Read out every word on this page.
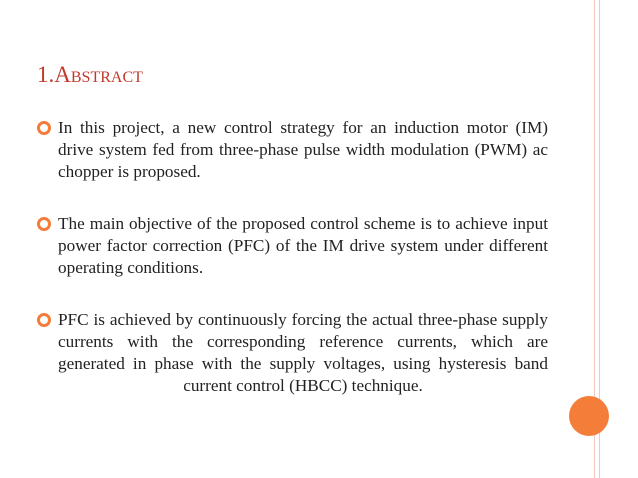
1.Abstract
In this project, a new control strategy for an induction motor (IM) drive system fed from three-phase pulse width modulation (PWM) ac chopper is proposed.
The main objective of the proposed control scheme is to achieve input power factor correction (PFC) of the IM drive system under different operating conditions.
PFC is achieved by continuously forcing the actual three-phase supply currents with the corresponding reference currents, which are generated in phase with the supply voltages, using hysteresis band current control (HBCC) technique.
